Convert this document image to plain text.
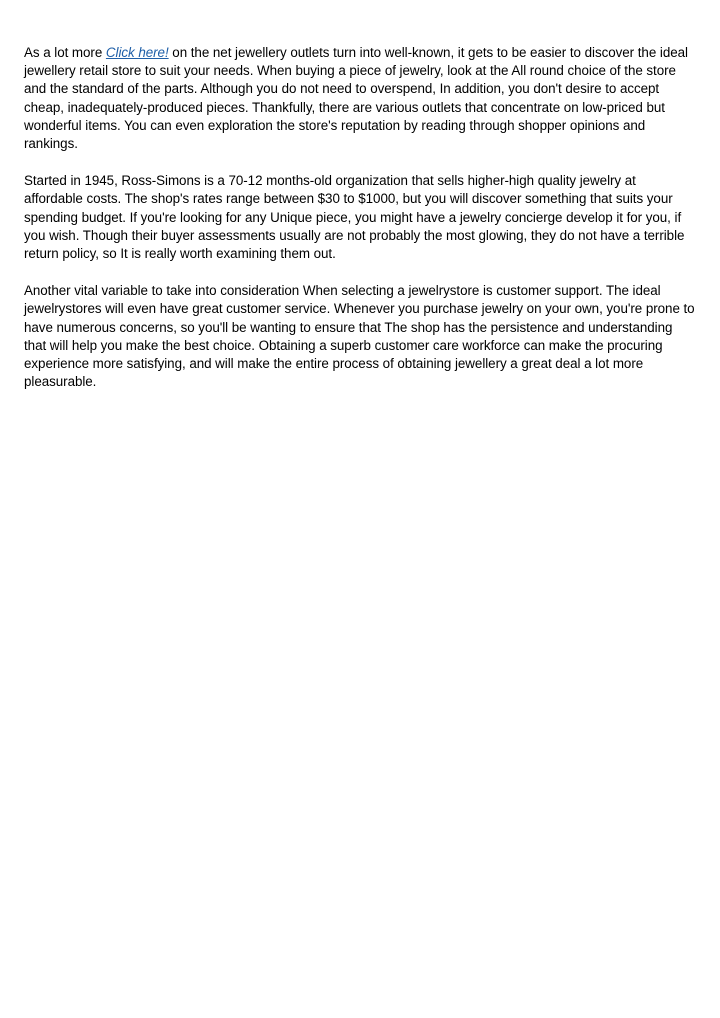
As a lot more Click here! on the net jewellery outlets turn into well-known, it gets to be easier to discover the ideal jewellery retail store to suit your needs. When buying a piece of jewelry, look at the All round choice of the store and the standard of the parts. Although you do not need to overspend, In addition, you don't desire to accept cheap, inadequately-produced pieces. Thankfully, there are various outlets that concentrate on low-priced but wonderful items. You can even exploration the store's reputation by reading through shopper opinions and rankings.

Started in 1945, Ross-Simons is a 70-12 months-old organization that sells higher-high quality jewelry at affordable costs. The shop's rates range between $30 to $1000, but you will discover something that suits your spending budget. If you're looking for any Unique piece, you might have a jewelry concierge develop it for you, if you wish. Though their buyer assessments usually are not probably the most glowing, they do not have a terrible return policy, so It is really worth examining them out.

Another vital variable to take into consideration When selecting a jewelrystore is customer support. The ideal jewelrystores will even have great customer service. Whenever you purchase jewelry on your own, you're prone to have numerous concerns, so you'll be wanting to ensure that The shop has the persistence and understanding that will help you make the best choice. Obtaining a superb customer care workforce can make the procuring experience more satisfying, and will make the entire process of obtaining jewellery a great deal a lot more pleasurable.
